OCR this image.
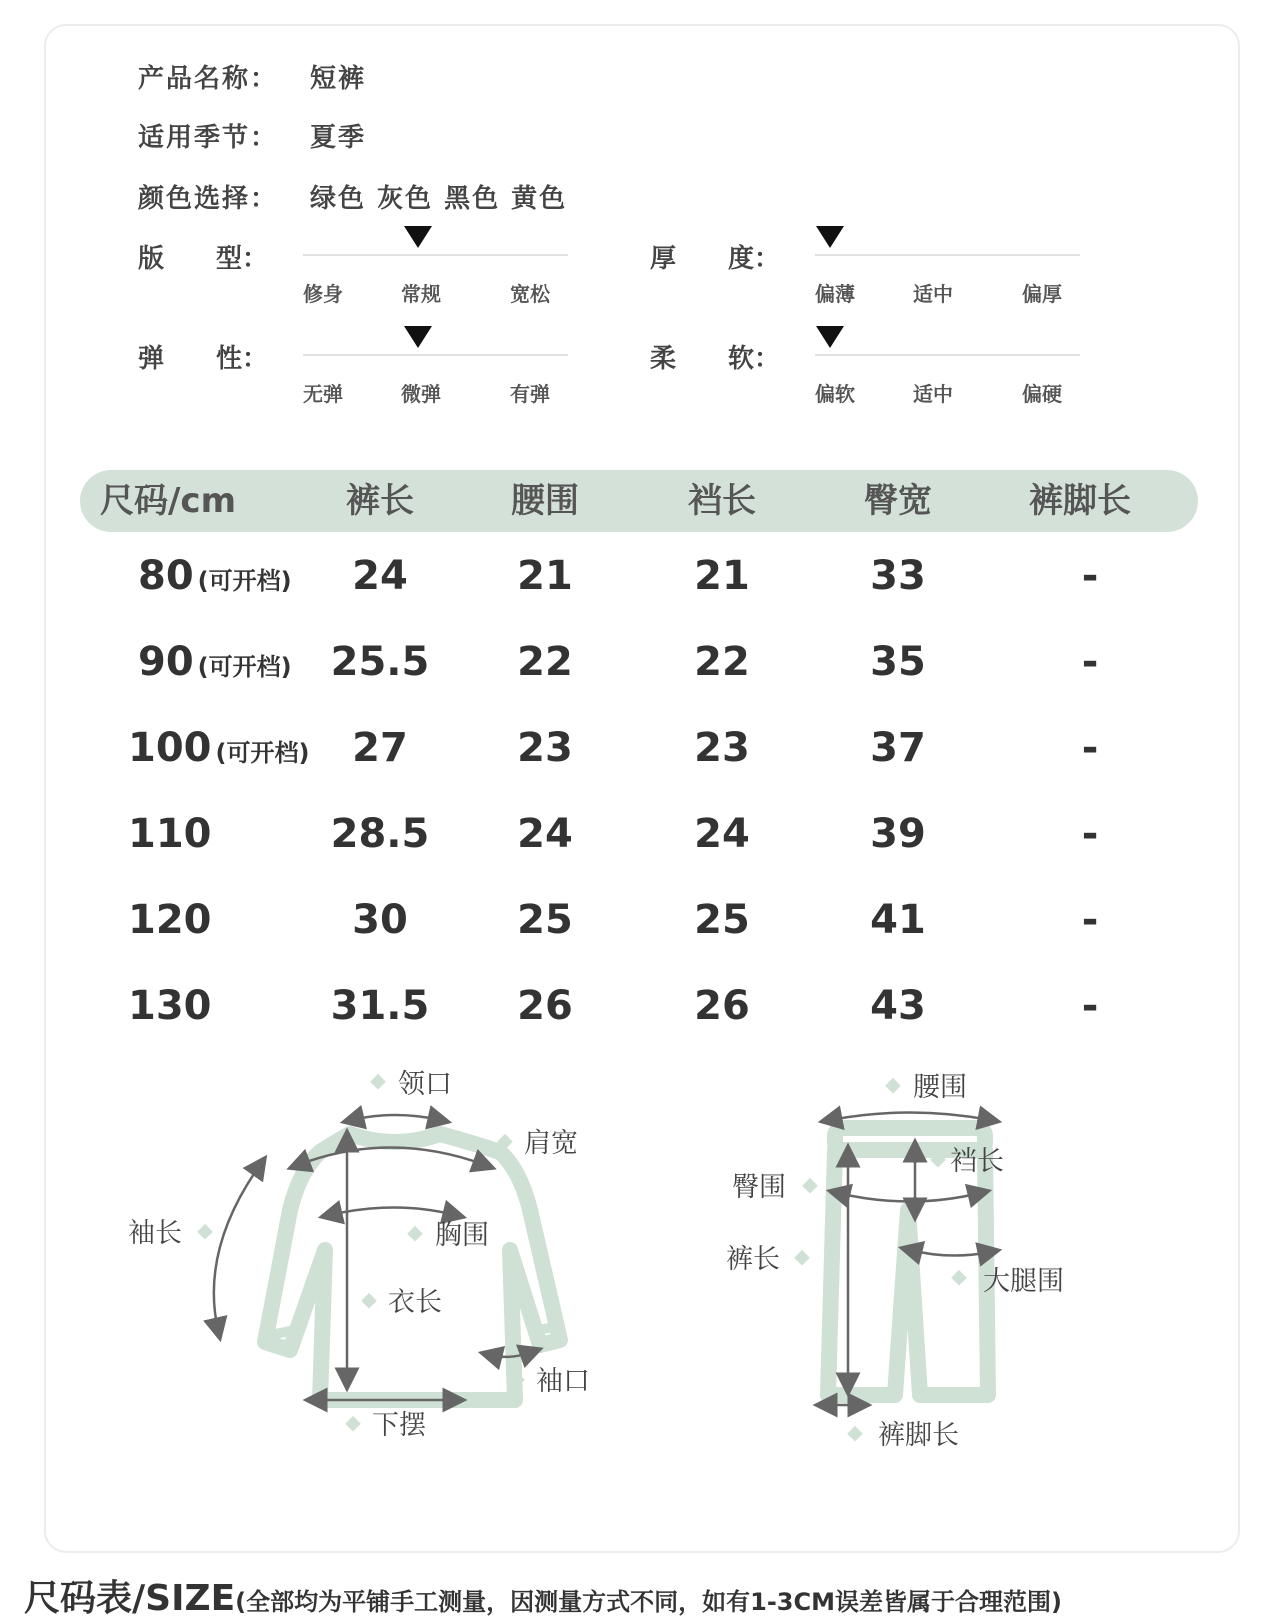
产品名称： 短裤
适用季节： 夏季
颜色选择： 绿色 灰色 黑色 黄色
版　　型：
修身	常规	宽松
厚　　度：
偏薄	适中	偏厚
弹　　性：
无弹	微弹	有弹
柔　　软：
偏软	适中	偏硬
尺码/cm	裤长	腰围	裆长	臀宽	裤脚长
80 (可开档)	24	21	21	33	-
90 (可开档) 25.5	22	22	35	-
100 (可开档)	27	23	23	37	-
110	28.5	24	24	39	-
120	30	25	25	41	-
130	31.5	26	26	43	-
领口
肩宽
袖长	胸围
衣长
袖口
下摆
腰围
裆长
臀围
裤长
大腿围
裤脚长
尺码表/SIZE(全部均为平铺手工测量，因测量方式不同，如有1-3CM误差皆属于合理范围)
